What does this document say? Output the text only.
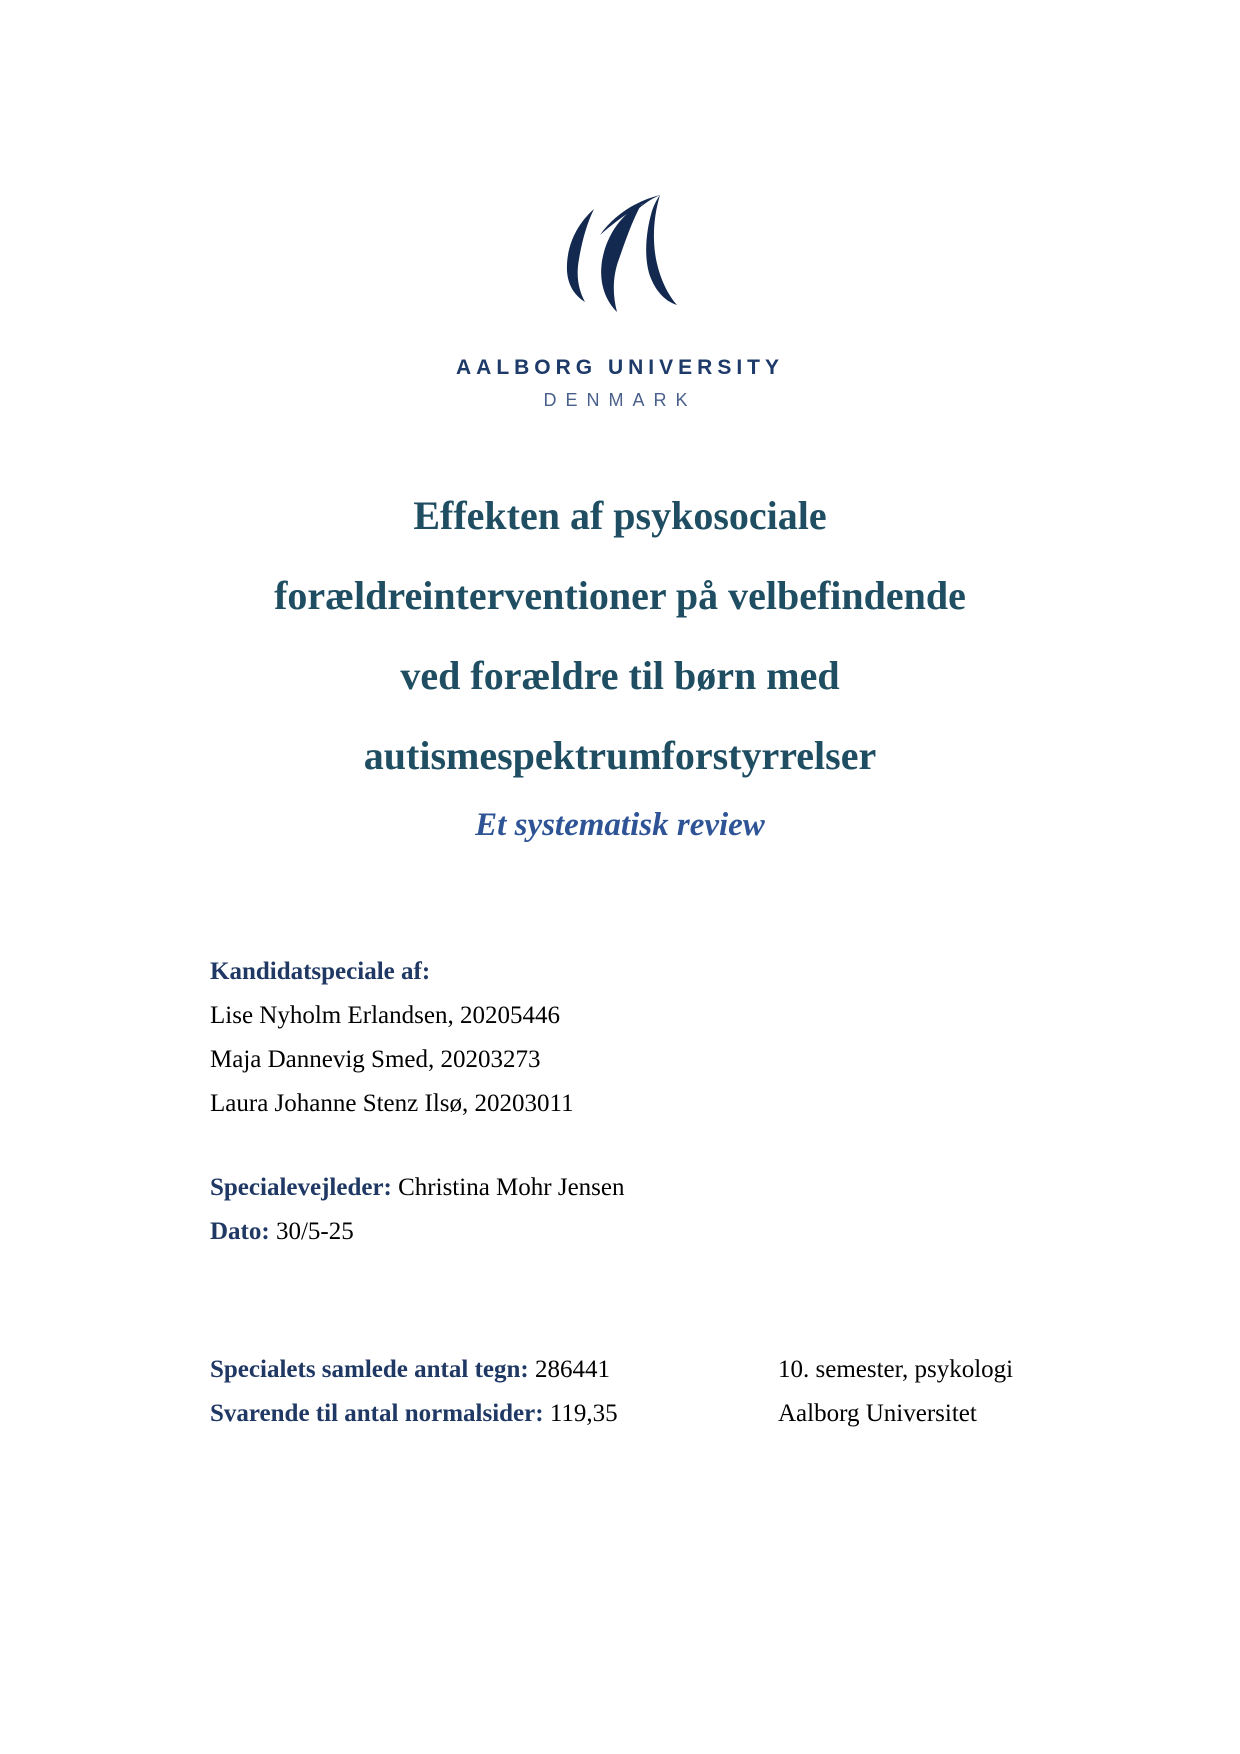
AALBORG UNIVERSITY
DENMARK
Effekten af psykosociale
forældreinterventioner på velbefindende
ved forældre til børn med
autismespektrumforstyrrelser
Et systematisk review
Kandidatspeciale af:
Lise Nyholm Erlandsen, 20205446
Maja Dannevig Smed, 20203273
Laura Johanne Stenz Ilsø, 20203011
Specialevejleder: Christina Mohr Jensen
Dato: 30/5-25
Specialets samlede antal tegn: 286441
Svarende til antal normalsider: 119,35
10. semester, psykologi
Aalborg Universitet
